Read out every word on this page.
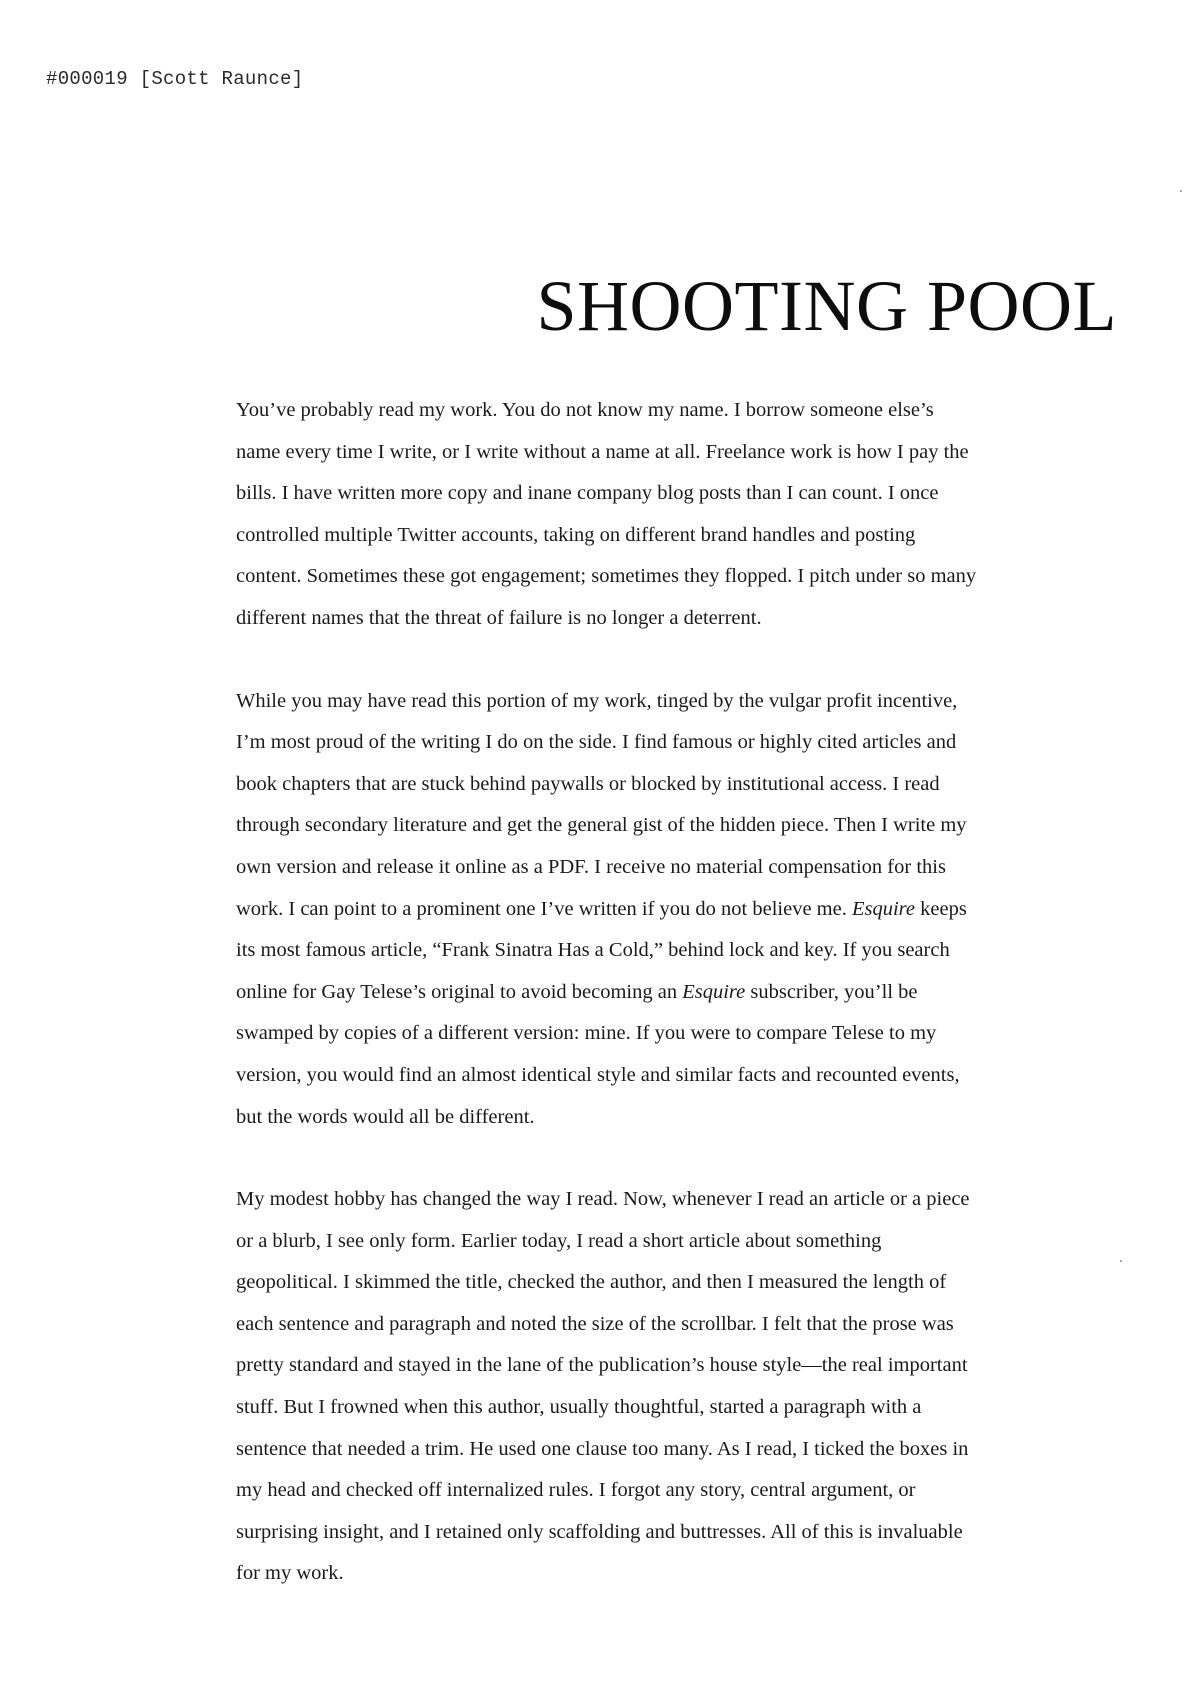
#000019 [Scott Raunce]
SHOOTING POOL

You’ve probably read my work. You do not know my name. I borrow someone else’s
name every time I write, or I write without a name at all. Freelance work is how I pay the
bills. I have written more copy and inane company blog posts than I can count. I once
controlled multiple Twitter accounts, taking on different brand handles and posting
content. Sometimes these got engagement; sometimes they flopped. I pitch under so many
different names that the threat of failure is no longer a deterrent.

While you may have read this portion of my work, tinged by the vulgar profit incentive,
I’m most proud of the writing I do on the side. I find famous or highly cited articles and
book chapters that are stuck behind paywalls or blocked by institutional access. I read
through secondary literature and get the general gist of the hidden piece. Then I write my
own version and release it online as a PDF. I receive no material compensation for this
work. I can point to a prominent one I’ve written if you do not believe me. Esquire keeps
its most famous article, “Frank Sinatra Has a Cold,” behind lock and key. If you search
online for Gay Telese’s original to avoid becoming an Esquire subscriber, you’ll be
swamped by copies of a different version: mine. If you were to compare Telese to my
version, you would find an almost identical style and similar facts and recounted events,
but the words would all be different.

My modest hobby has changed the way I read. Now, whenever I read an article or a piece
or a blurb, I see only form. Earlier today, I read a short article about something
geopolitical. I skimmed the title, checked the author, and then I measured the length of
each sentence and paragraph and noted the size of the scrollbar. I felt that the prose was
pretty standard and stayed in the lane of the publication’s house style—the real important
stuff. But I frowned when this author, usually thoughtful, started a paragraph with a
sentence that needed a trim. He used one clause too many. As I read, I ticked the boxes in
my head and checked off internalized rules. I forgot any story, central argument, or
surprising insight, and I retained only scaffolding and buttresses. All of this is invaluable
for my work.
